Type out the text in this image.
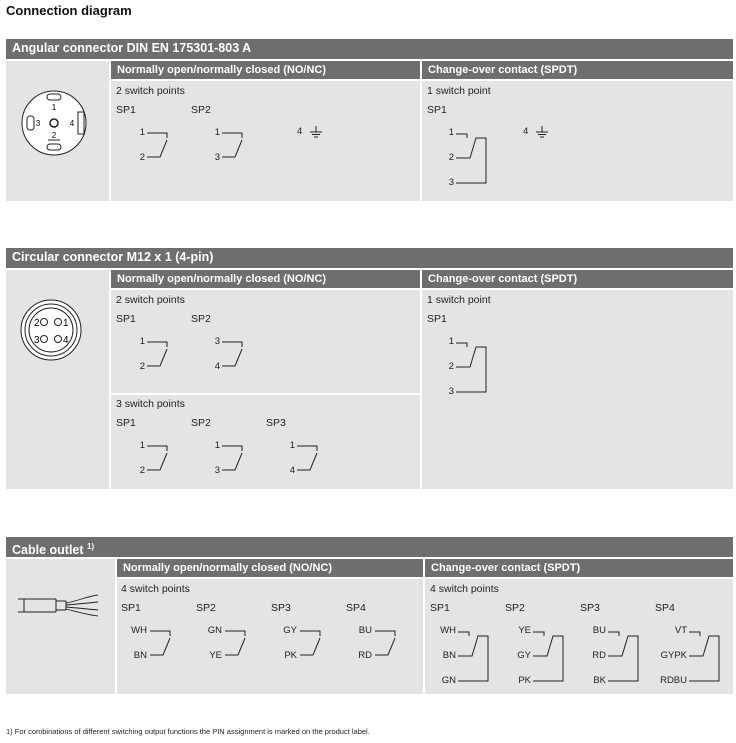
Connection diagram
Angular connector DIN EN 175301-803 A
Normally open/normally closed (NO/NC)	Change-over contact (SPDT)
1
3	4
2
2 switch points
SP1	SP2
1
2
1
3
4
1 switch point
SP1
1
2
3
4
Circular connector M12 x 1 (4-pin)
Normally open/normally closed (NO/NC)	Change-over contact (SPDT)
2 1
3 4
2 switch points
SP1	SP2
1
2
3
4
3 switch points
SP1	SP2	SP3
1
2
1
3
1
4
1 switch point
SP1
1
2
3
Cable outlet $^{1)}$
Normally open/normally closed (NO/NC)	Change-over contact (SPDT)
4 switch points
SP1	SP2	SP3	SP4
WH
BN
GN
YE
GY
PK
BU
RD
4 switch points
SP1	SP2	SP3	SP4
WH
BN
GN
YE
GY
PK
BU
RD
BK
VT
GYPK
RDBU
1) For combinations of different switching output functions the PIN assignment is marked on the product label.
